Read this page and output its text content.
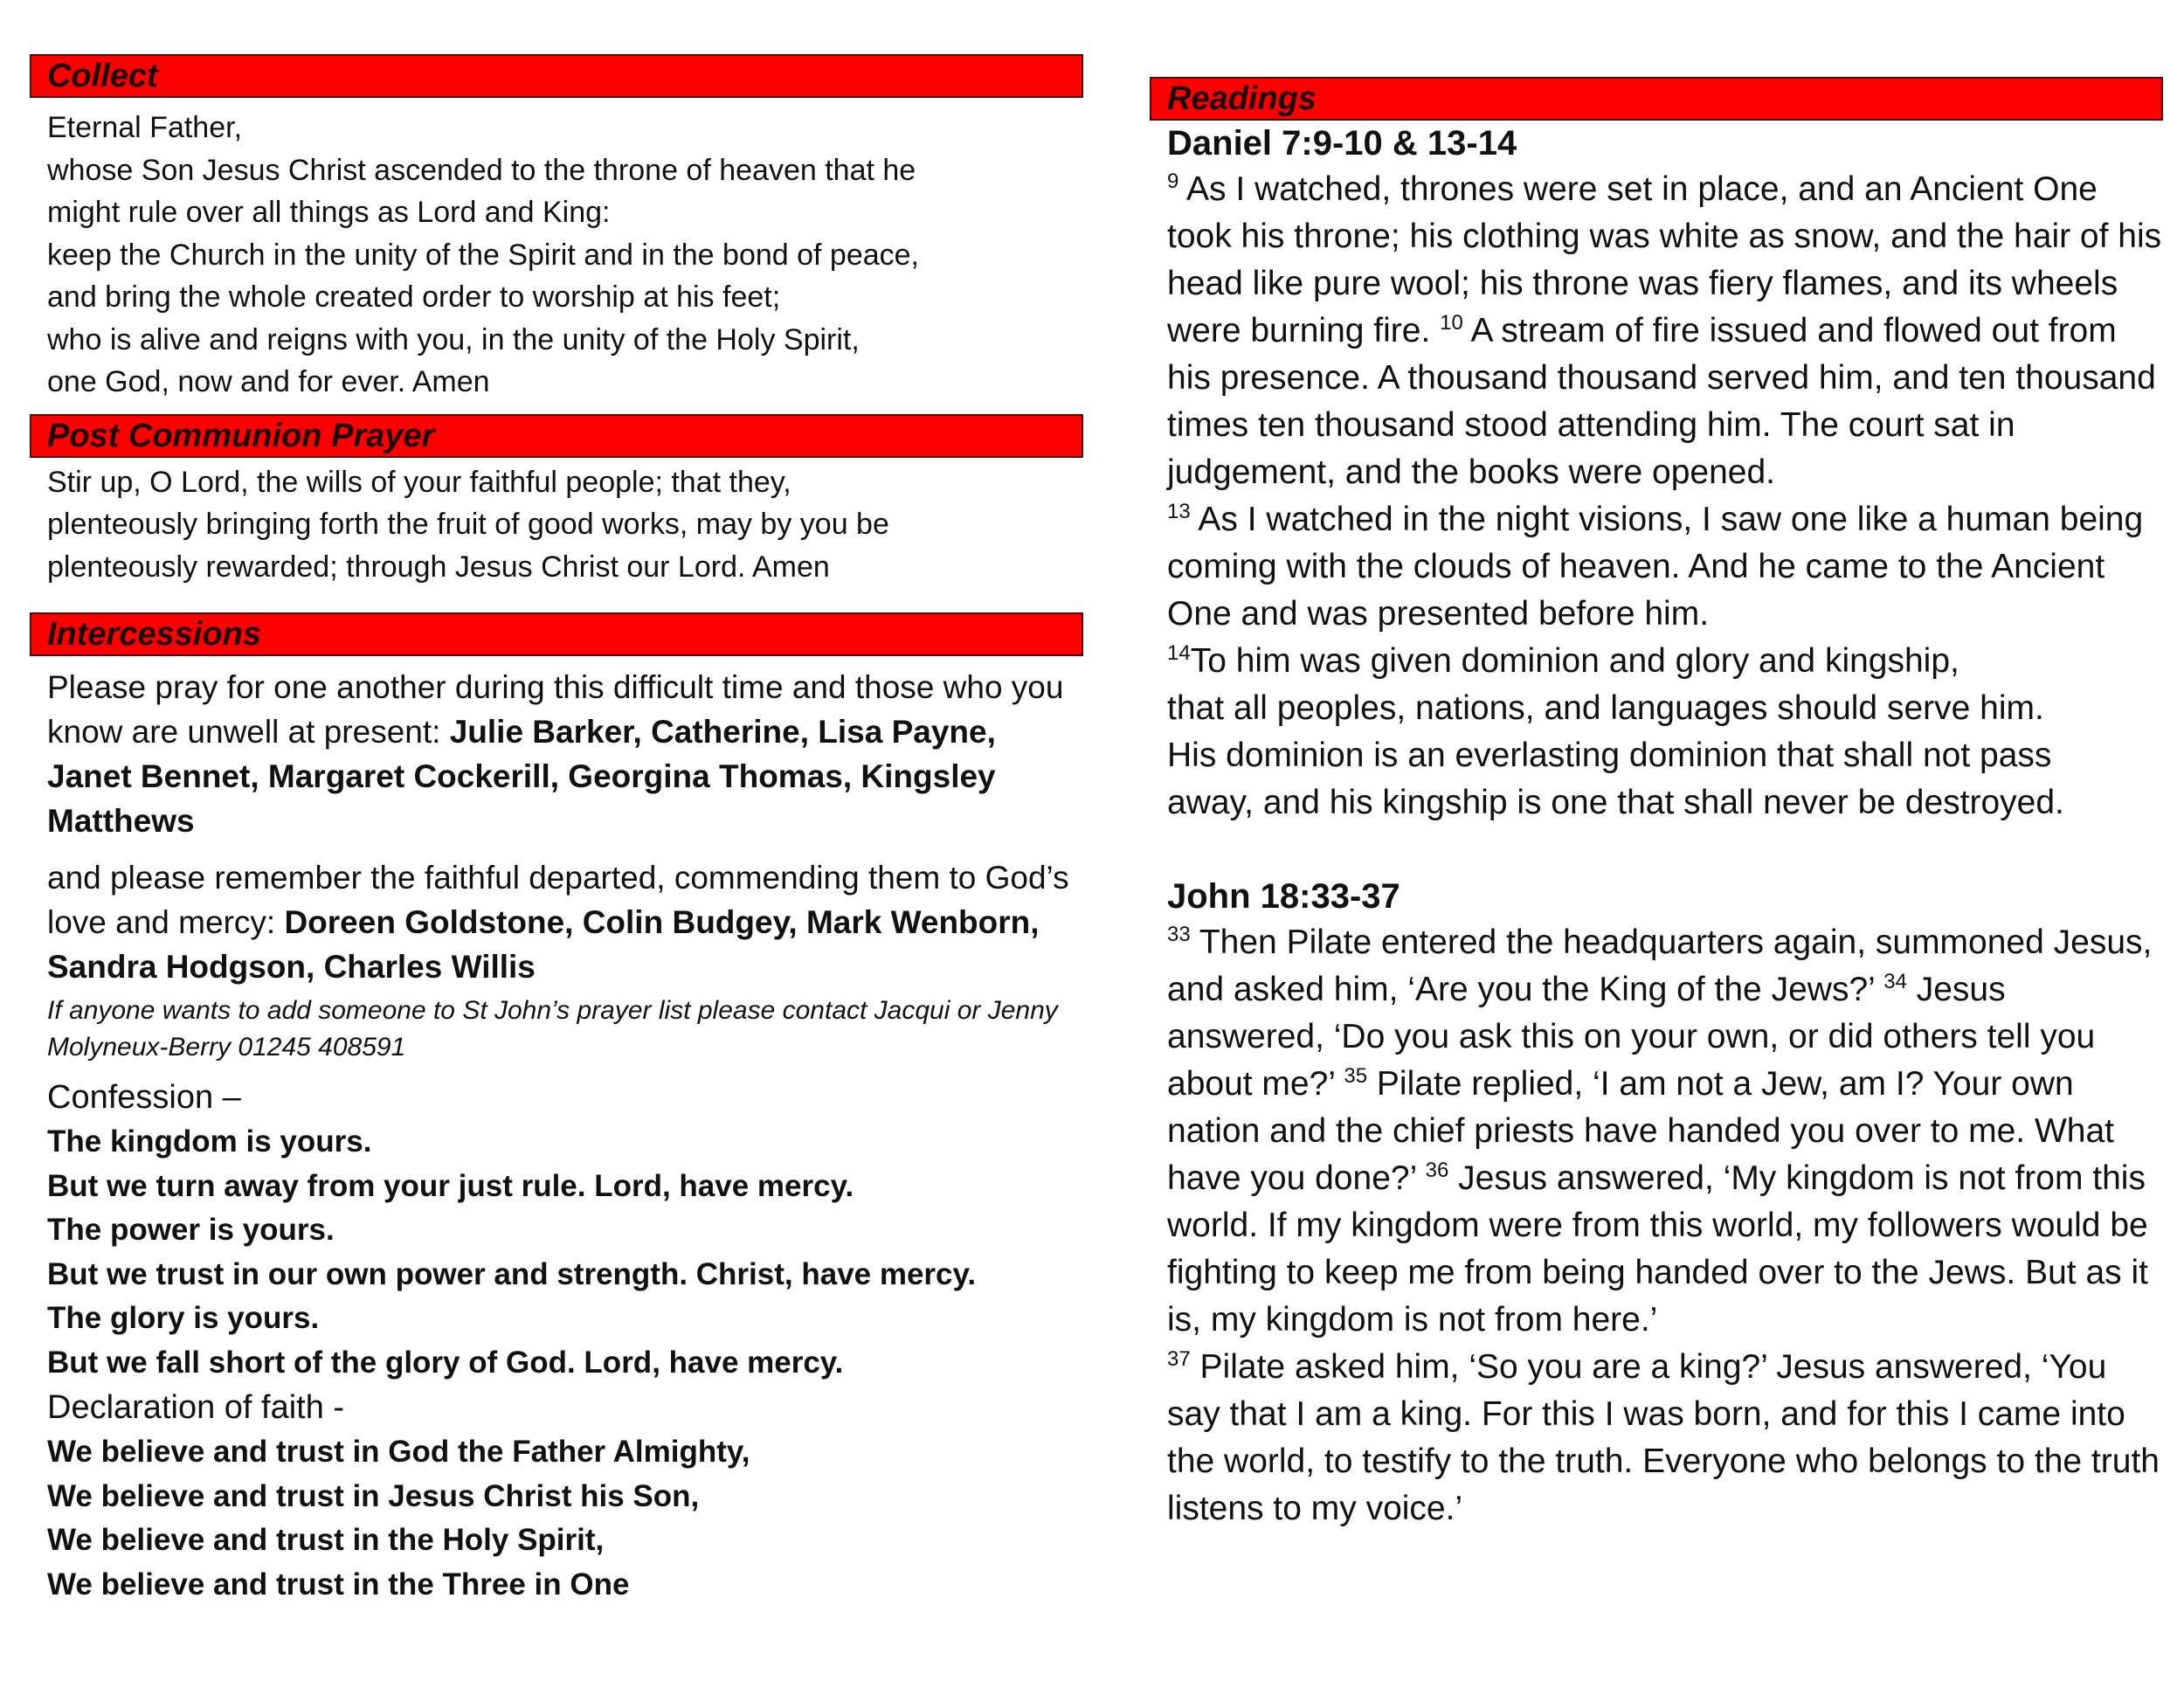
Collect

Eternal Father,

whose Son Jesus Christ ascended to the throne of heaven that he

might rule over all things as Lord and King:

keep the Church in the unity of the Spirit and in the bond of peace,

and bring the whole created order to worship at his feet;

who is alive and reigns with you, in the unity of the Holy Spirit,

one God, now and for ever. Amen

Post Communion Prayer

Stir up, O Lord, the wills of your faithful people; that they,

plenteously bringing forth the fruit of good works, may by you be

plenteously rewarded; through Jesus Christ our Lord. Amen

Intercessions

Please pray for one another during this difficult time and those who you know are unwell at present: Julie Barker, Catherine, Lisa Payne, Janet Bennet, Margaret Cockerill, Georgina Thomas, Kingsley Matthews

and please remember the faithful departed, commending them to God’s love and mercy: Doreen Goldstone, Colin Budgey, Mark Wenborn, Sandra Hodgson, Charles Willis

If anyone wants to add someone to St John’s prayer list please contact Jacqui or Jenny Molyneux-Berry 01245 408591
Confession –
The kingdom is yours.
But we turn away from your just rule. Lord, have mercy.
The power is yours.
But we trust in our own power and strength. Christ, have mercy.
The glory is yours.
But we fall short of the glory of God. Lord, have mercy.
Declaration of faith -
We believe and trust in God the Father Almighty,
We believe and trust in Jesus Christ his Son,
We believe and trust in the Holy Spirit,
We believe and trust in the Three in One
Readings
Daniel 7:9-10 & 13-14
$^9$ As I watched, thrones were set in place, and an Ancient One took his throne; his clothing was white as snow, and the hair of his head like pure wool; his throne was fiery flames, and its wheels were burning fire. $^{10}$ A stream of fire issued and flowed out from his presence. A thousand thousand served him, and ten thousand times ten thousand stood attending him. The court sat in judgement, and the books were opened.
$^{13}$ As I watched in the night visions, I saw one like a human being coming with the clouds of heaven. And he came to the Ancient One and was presented before him.
$^{14}$To him was given dominion and glory and kingship,
that all peoples, nations, and languages should serve him.
His dominion is an everlasting dominion that shall not pass
away, and his kingship is one that shall never be destroyed.
John 18:33-37
$^{33}$ Then Pilate entered the headquarters again, summoned Jesus, and asked him, ‘Are you the King of the Jews?’ $^{34}$ Jesus answered, ‘Do you ask this on your own, or did others tell you about me?’ $^{35}$ Pilate replied, ‘I am not a Jew, am I? Your own nation and the chief priests have handed you over to me. What have you done?’ $^{36}$ Jesus answered, ‘My kingdom is not from this world. If my kingdom were from this world, my followers would be fighting to keep me from being handed over to the Jews. But as it is, my kingdom is not from here.’
$^{37}$ Pilate asked him, ‘So you are a king?’ Jesus answered, ‘You say that I am a king. For this I was born, and for this I came into the world, to testify to the truth. Everyone who belongs to the truth listens to my voice.’
